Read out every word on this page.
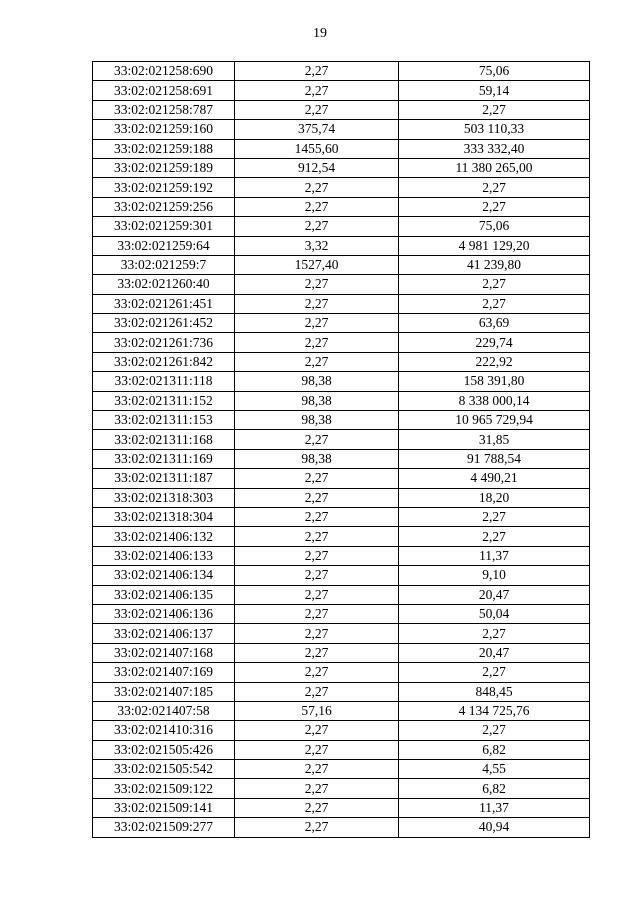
19
33:02:021258:690	2,27	75,06
33:02:021258:691	2,27	59,14
33:02:021258:787	2,27	2,27
33:02:021259:160	375,74	503 110,33
33:02:021259:188	1455,60	333 332,40
33:02:021259:189	912,54	11 380 265,00
33:02:021259:192	2,27	2,27
33:02:021259:256	2,27	2,27
33:02:021259:301	2,27	75,06
33:02:021259:64	3,32	4 981 129,20
33:02:021259:7	1527,40	41 239,80
33:02:021260:40	2,27	2,27
33:02:021261:451	2,27	2,27
33:02:021261:452	2,27	63,69
33:02:021261:736	2,27	229,74
33:02:021261:842	2,27	222,92
33:02:021311:118	98,38	158 391,80
33:02:021311:152	98,38	8 338 000,14
33:02:021311:153	98,38	10 965 729,94
33:02:021311:168	2,27	31,85
33:02:021311:169	98,38	91 788,54
33:02:021311:187	2,27	4 490,21
33:02:021318:303	2,27	18,20
33:02:021318:304	2,27	2,27
33:02:021406:132	2,27	2,27
33:02:021406:133	2,27	11,37
33:02:021406:134	2,27	9,10
33:02:021406:135	2,27	20,47
33:02:021406:136	2,27	50,04
33:02:021406:137	2,27	2,27
33:02:021407:168	2,27	20,47
33:02:021407:169	2,27	2,27
33:02:021407:185	2,27	848,45
33:02:021407:58	57,16	4 134 725,76
33:02:021410:316	2,27	2,27
33:02:021505:426	2,27	6,82
33:02:021505:542	2,27	4,55
33:02:021509:122	2,27	6,82
33:02:021509:141	2,27	11,37
33:02:021509:277	2,27	40,94
